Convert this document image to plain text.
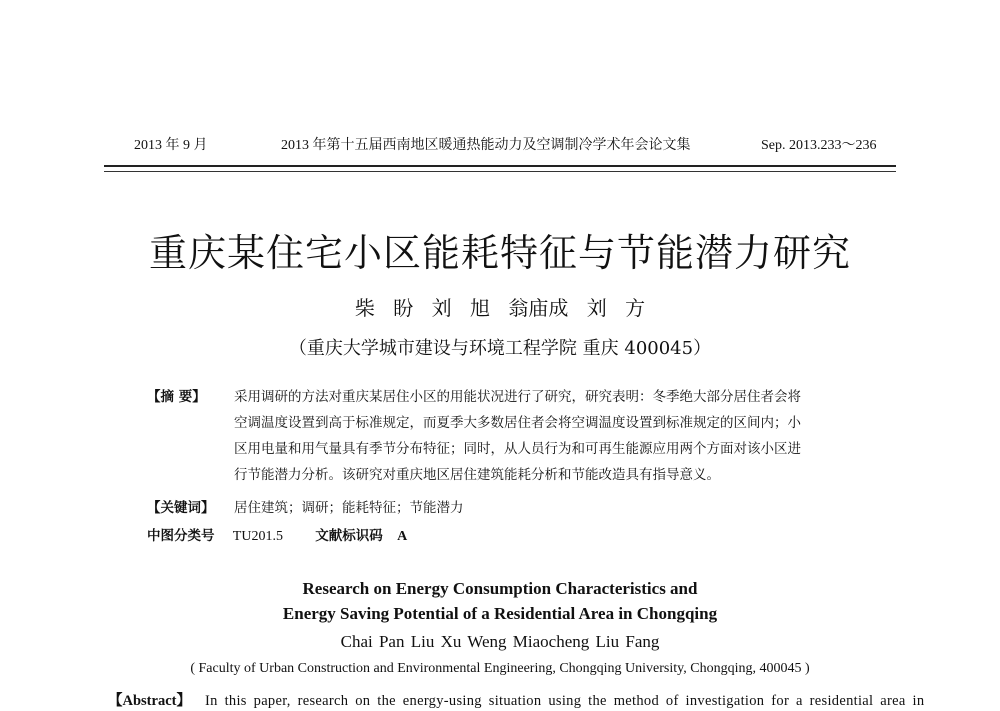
2013 年 9 月	2013 年第十五届西南地区暖通热能动力及空调制冷学术年会论文集	Sep. 2013.233～236
重庆某住宅小区能耗特征与节能潜力研究
柴 盼 刘 旭 翁庙成 刘 方
（重庆大学城市建设与环境工程学院 重庆 400045）
【摘 要】 采用调研的方法对重庆某居住小区的用能状况进行了研究，研究表明：冬季绝大部分居住者会将
空调温度设置到高于标准规定，而夏季大多数居住者会将空调温度设置到标准规定的区间内；小
区用电量和用气量具有季节分布特征；同时，从人员行为和可再生能源应用两个方面对该小区进
行节能潜力分析。该研究对重庆地区居住建筑能耗分析和节能改造具有指导意义。
【关键词】 居住建筑；调研；能耗特征；节能潜力
中图分类号 TU201.5 文献标识码 A
Research on Energy Consumption Characteristics and
Energy Saving Potential of a Residential Area in Chongqing
Chai Pan Liu Xu Weng Miaocheng Liu Fang
( Faculty of Urban Construction and Environmental Engineering, Chongqing University, Chongqing, 400045 )
【Abstract】 In this paper, research on the energy-using situation using the method of investigation for a residential area in
